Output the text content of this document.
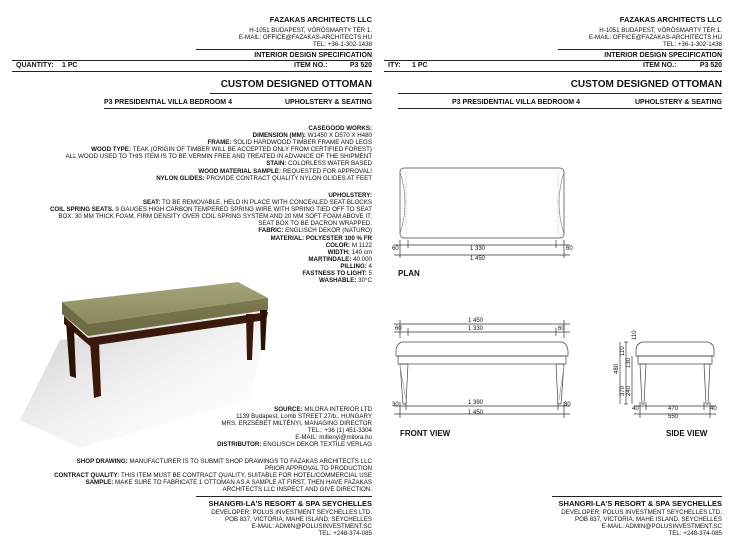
FAZAKAS ARCHITECTS LLC
H-1051 BUDAPEST, VÖRÖSMARTY TÉR 1.
E-MAIL: OFFICE@FAZAKAS-ARCHITECTS.HU
TEL: +36-1-302-1438
INTERIOR DESIGN SPECIFICATION
QUANTITY: 1 PC	ITEM NO.:	P3 520
CUSTOM DESIGNED OTTOMAN
P3 PRESIDENTIAL VILLA BEDROOM 4	UPHOLSTERY & SEATING
CASEGOOD WORKS:
DIMENSION (MM): W1450 X D570 X H480
FRAME: SOLID HARDWOOD TIMBER FRAME AND LEGS
WOOD TYPE: TEAK (ORIGIN OF TIMBER WILL BE ACCEPTED ONLY FROM CERTIFIED FOREST)
ALL WOOD USED TO THIS ITEM IS TO BE VERMIN FREE AND TREATED IN ADVANCE OF THE SHIPMENT
STAIN: COLORLESS WATER BASED
WOOD MATERIAL SAMPLE: REQUESTED FOR APPROVAL!
NYLON GLIDES: PROVIDE CONTRACT QUALITY NYLON GLIDES AT FEET
UPHOLSTERY:
SEAT: TO BE REMOVABLE, HELD IN PLACE WITH CONCEALED SEAT BLOCKS
COIL SPRING SEATS. 9 GAUGES HIGH CARBON TEMPERED SPRING WIRE WITH SPRING TIED OFF TO SEAT
BOX. 30 MM THICK FOAM, FIRM DENSITY OVER COIL SPRING SYSTEM AND 20 MM SOFT FOAM ABOVE IT.
SEAT BOX TO BE DACRON WRAPPED.
FABRIC: ENGLISCH DEKOR (NATURO)
MATERIAL: POLYESTER 100 % FR
COLOR: M 1122
WIDTH: 140 cm
MARTINDALE: 40.000
PILLING: 4
FASTNESS TO LIGHT: 5
WASHABLE: 30°C
SOURCE: MILORA INTERIOR LTD
1139 Budapest, Lomb STREET 27/b., HUNGARY
MRS. ERZSÉBET MILTÉNYI, MANAGING DIRECTOR
TEL.: +36 (1) 451-3304
E-MAIL: miltenyi@milora.hu
DISTRIBUTOR: ENGLISCH DEKOR TEXTILE VERLAG
SHOP DRAWING: MANUFACTURER IS TO SUBMIT SHOP DRAWINGS TO FAZAKAS ARCHITECTS LLC
PRIOR APPROVAL TO PRODUCTION
CONTRACT QUALITY: THIS ITEM MUST BE CONTRACT QUALITY, SUITABLE FOR HOTEL/COMMERCIAL USE
SAMPLE: MAKE SURE TO FABRICATE 1 OTTOMAN AS A SAMPLE AT FIRST, THEN HAVE FAZAKAS
ARCHITECTS LLC INSPECT AND GIVE DIRECTION.
SHANGRI-LA'S RESORT & SPA SEYCHELLES
DEVELOPER: POLUS INVESTMENT SEYCHELLES LTD.
POB 837, VICTORIA, MAHE ISLAND, SEYCHELLES
E-MAIL: ADMIN@POLUSINVESTMENT.SC
TEL: +248-374-085
FAZAKAS ARCHITECTS LLC
H-1051 BUDAPEST, VÖRÖSMARTY TÉR 1.
E-MAIL: OFFICE@FAZAKAS-ARCHITECTS.HU
TEL: +36-1-302-1438
INTERIOR DESIGN SPECIFICATION
ITY: 1 PC	ITEM NO.:	P3 520
CUSTOM DESIGNED OTTOMAN
P3 PRESIDENTIAL VILLA BEDROOM 4	UPHOLSTERY & SEATING
60	1 330	60
1 450
1 450
60	1 330	60
30	1 390	30
1 450
480
370 240
110
130
110
40	470	40
550
PLAN
FRONT VIEW	SIDE VIEW
SHANGRI-LA'S RESORT & SPA SEYCHELLES
DEVELOPER: POLUS INVESTMENT SEYCHELLES LTD.
POB 837, VICTORIA, MAHE ISLAND, SEYCHELLES
E-MAIL: ADMIN@POLUSINVESTMENT.SC
TEL: +248-374-085
